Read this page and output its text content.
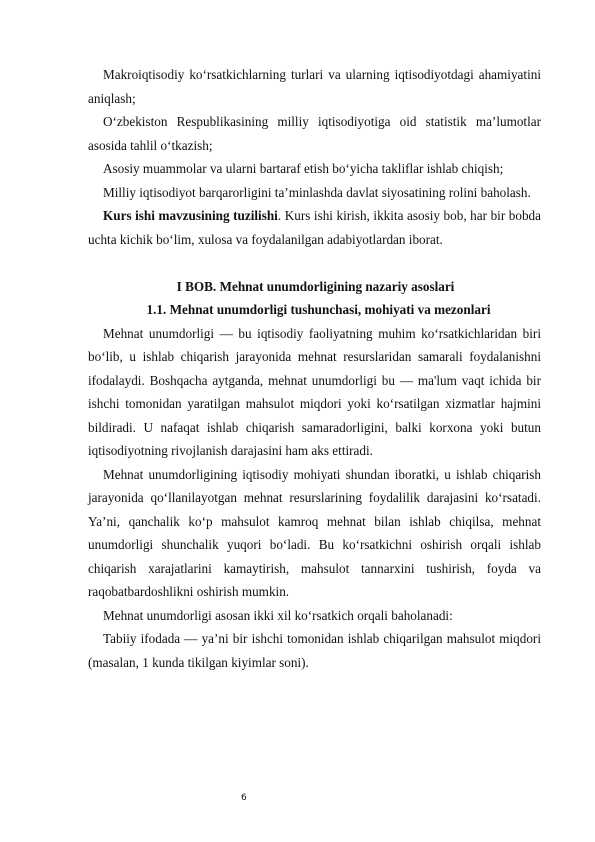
Makroiqtisodiy ko‘rsatkichlarning turlari va ularning iqtisodiyotdagi ahamiyatini aniqlash;

O‘zbekiston Respublikasining milliy iqtisodiyotiga oid statistik ma’lumotlar asosida tahlil o‘tkazish;

Asosiy muammolar va ularni bartaraf etish bo‘yicha takliflar ishlab chiqish;

Milliy iqtisodiyot barqarorligini ta’minlashda davlat siyosatining rolini baholash.

Kurs ishi mavzusining tuzilishi. Kurs ishi kirish, ikkita asosiy bob, har bir bobda uchta kichik bo‘lim, xulosa va foydalanilgan adabiyotlardan iborat.

I BOB. Mehnat unumdorligining nazariy asoslari

1.1. Mehnat unumdorligi tushunchasi, mohiyati va mezonlari

Mehnat unumdorligi — bu iqtisodiy faoliyatning muhim ko‘rsatkichlaridan biri bo‘lib, u ishlab chiqarish jarayonida mehnat resurslaridan samarali foydalanishni ifodalaydi. Boshqacha aytganda, mehnat unumdorligi bu — ma'lum vaqt ichida bir ishchi tomonidan yaratilgan mahsulot miqdori yoki ko‘rsatilgan xizmatlar hajmini bildiradi. U nafaqat ishlab chiqarish samaradorligini, balki korxona yoki butun iqtisodiyotning rivojlanish darajasini ham aks ettiradi.

Mehnat unumdorligining iqtisodiy mohiyati shundan iboratki, u ishlab chiqarish jarayonida qo‘llanilayotgan mehnat resurslarining foydalilik darajasini ko‘rsatadi. Ya’ni, qanchalik ko‘p mahsulot kamroq mehnat bilan ishlab chiqilsa, mehnat unumdorligi shunchalik yuqori bo‘ladi. Bu ko‘rsatkichni oshirish orqali ishlab chiqarish xarajatlarini kamaytirish, mahsulot tannarxini tushirish, foyda va raqobatbardoshlikni oshirish mumkin.

Mehnat unumdorligi asosan ikki xil ko‘rsatkich orqali baholanadi:

Tabiiy ifodada — ya’ni bir ishchi tomonidan ishlab chiqarilgan mahsulot miqdori (masalan, 1 kunda tikilgan kiyimlar soni).

6
